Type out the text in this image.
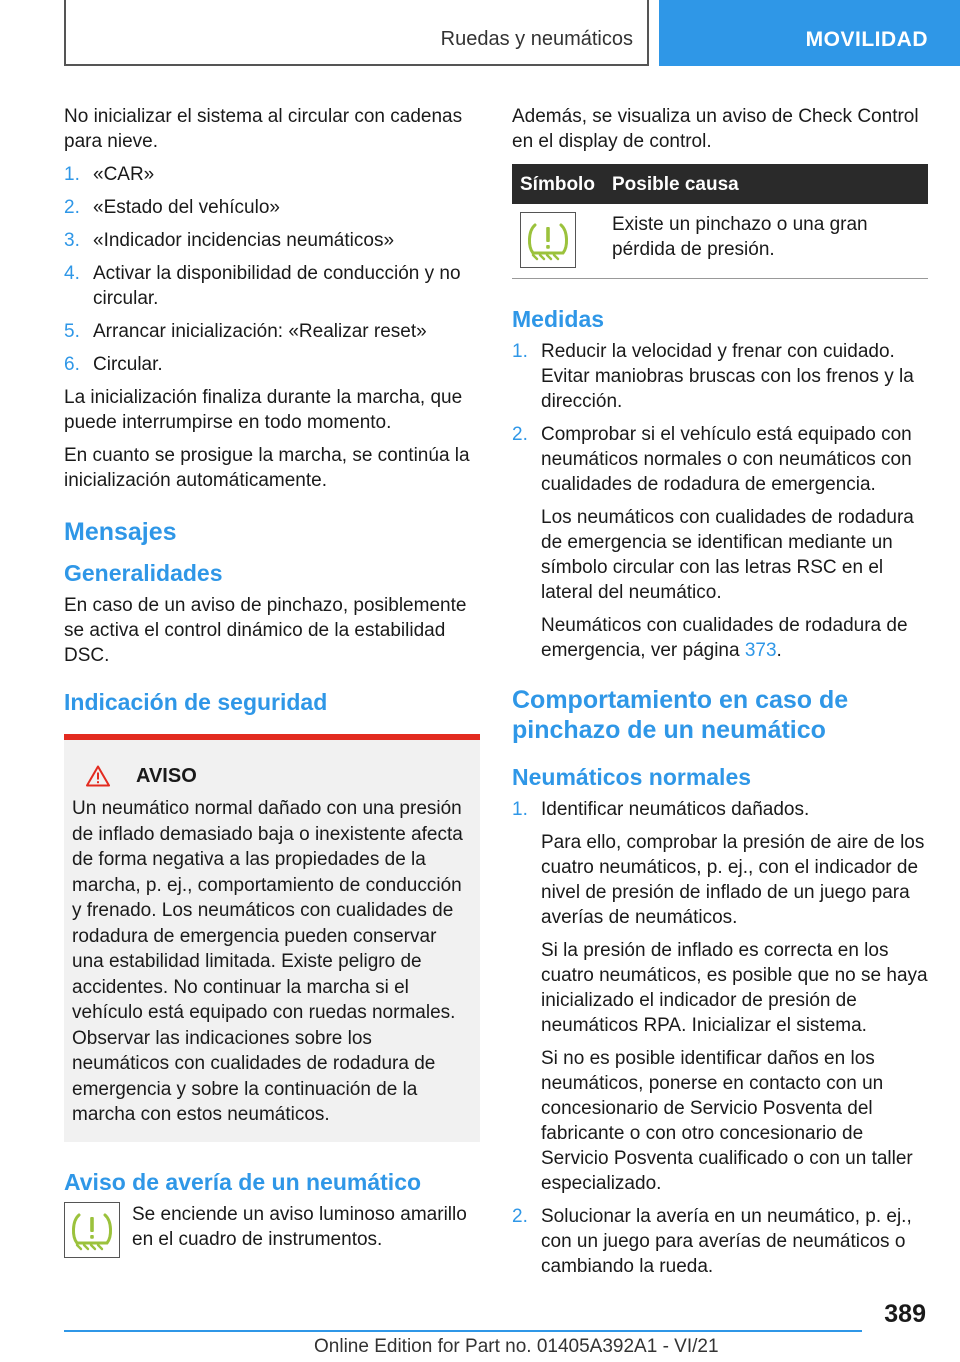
Ruedas y neumáticos	MOVILIDAD

No inicializar el sistema al circular con cadenas para nieve.

1. «CAR»
2. «Estado del vehículo»
3. «Indicador incidencias neumáticos»
4. Activar la disponibilidad de conducción y no circular.
5. Arrancar inicialización: «Realizar reset»
6. Circular.

La inicialización finaliza durante la marcha, que puede interrumpirse en todo momento.

En cuanto se prosigue la marcha, se continúa la inicialización automáticamente.

Mensajes
Generalidades

En caso de un aviso de pinchazo, posiblemente se activa el control dinámico de la estabilidad DSC.

Indicación de seguridad
AVISO

Un neumático normal dañado con una presión de inflado demasiado baja o inexistente afecta de forma negativa a las propiedades de la marcha, p. ej., comportamiento de conducción y frenado. Los neumáticos con cualidades de rodadura de emergencia pueden conservar una estabilidad limitada. Existe peligro de accidentes. No continuar la marcha si el vehículo está equipado con ruedas normales. Observar las indicaciones sobre los neumáticos con cualidades de rodadura de emergencia y sobre la continuación de la marcha con estos neumáticos.

Aviso de avería de un neumático

Se enciende un aviso luminoso amarillo en el cuadro de instrumentos.

Además, se visualiza un aviso de Check Control en el display de control.

Símbolo	Posible causa

	Existe un pinchazo o una gran pérdida de presión.
Medidas
1. Reducir la velocidad y frenar con cuidado. Evitar maniobras bruscas con los frenos y la dirección.

2. Comprobar si el vehículo está equipado con neumáticos normales o con neumáticos con cualidades de rodadura de emergencia.

Los neumáticos con cualidades de rodadura de emergencia se identifican mediante un símbolo circular con las letras RSC en el lateral del neumático.

Neumáticos con cualidades de rodadura de emergencia, ver página 373.

Comportamiento en caso de pinchazo de un neumático
Neumáticos normales
1. Identificar neumáticos dañados.

Para ello, comprobar la presión de aire de los cuatro neumáticos, p. ej., con el indicador de nivel de presión de inflado de un juego para averías de neumáticos.

Si la presión de inflado es correcta en los cuatro neumáticos, es posible que no se haya inicializado el indicador de presión de neumáticos RPA. Inicializar el sistema.

Si no es posible identificar daños en los neumáticos, ponerse en contacto con un concesionario de Servicio Posventa del fabricante o con otro concesionario de Servicio Posventa cualificado o con un taller especializado.

2. Solucionar la avería en un neumático, p. ej., con un juego para averías de neumáticos o cambiando la rueda.

389
Online Edition for Part no. 01405A392A1 - VI/21
